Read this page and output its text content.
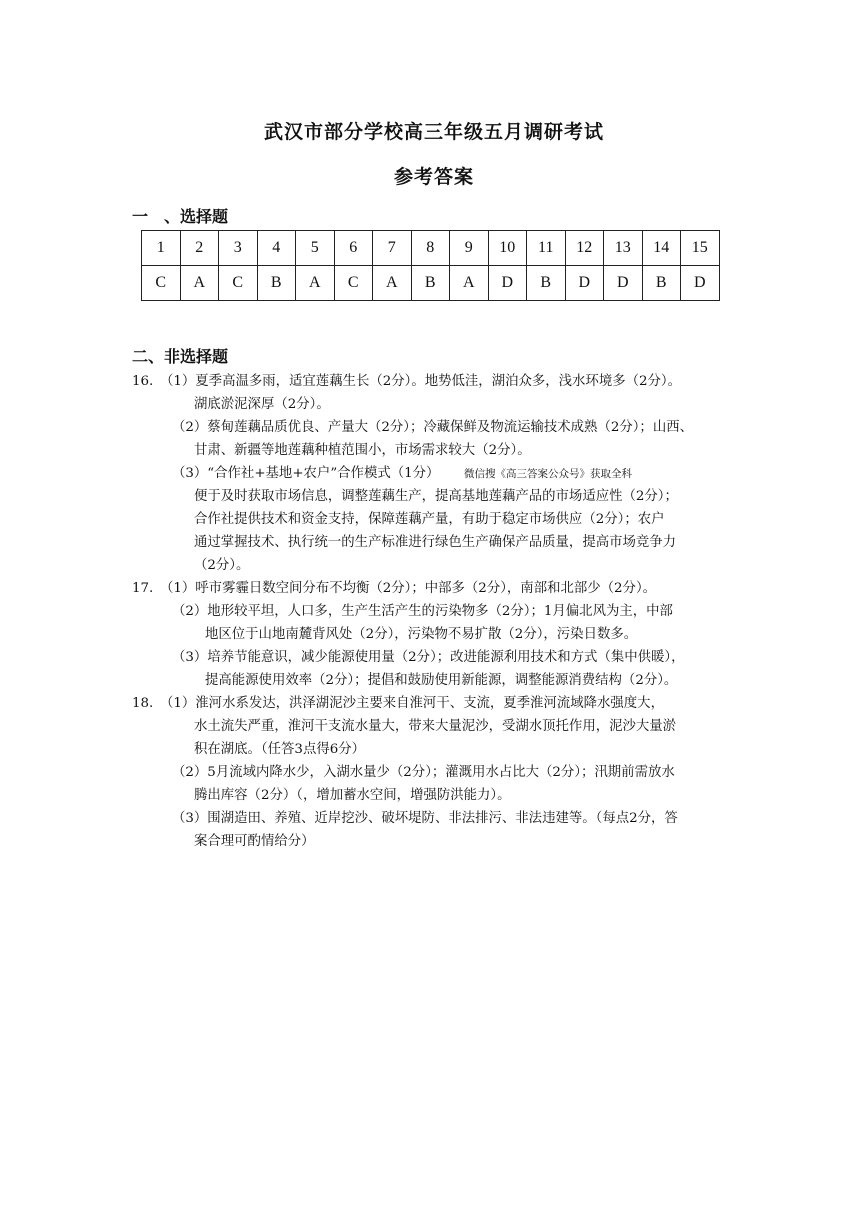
武汉市部分学校高三年级五月调研考试
参考答案
一　、选择题
1	2	3	4	5	6	7	8	9	10	11	12	13	14	15
C	A	C	B	A	C	A	B	A	D	B	D	D	B	D
二、非选择题
16.　（1）夏季高温多雨，适宜莲藕生长（2分）。地势低洼，湖泊众多，浅水环境多（2分）。
湖底淤泥深厚（2分）。
（2）蔡甸莲藕品质优良、产量大（2分）；冷藏保鲜及物流运输技术成熟（2分）；山西、
甘肃、新疆等地莲藕种植范围小，市场需求较大（2分）。
（3）“合作社+基地+农户”合作模式（1分） 微信搜《高三答案公众号》获取全科
便于及时获取市场信息，调整莲藕生产，提高基地莲藕产品的市场适应性（2分）；
合作社提供技术和资金支持，保障莲藕产量，有助于稳定市场供应（2分）；农户
通过掌握技术、执行统一的生产标准进行绿色生产确保产品质量，提高市场竞争力
（2分）。
17.　（1）呼市雾霾日数空间分布不均衡（2分）；中部多（2分），南部和北部少（2分）。
（2）地形较平坦，人口多，生产生活产生的污染物多（2分）；1月偏北风为主，中部
地区位于山地南麓背风处（2分），污染物不易扩散（2分），污染日数多。
（3）培养节能意识，减少能源使用量（2分）；改进能源利用技术和方式（集中供暖），
提高能源使用效率（2分）；提倡和鼓励使用新能源，调整能源消费结构（2分）。
18.　（1）淮河水系发达，洪泽湖泥沙主要来自淮河干、支流，夏季淮河流域降水强度大，
水土流失严重，淮河干支流水量大，带来大量泥沙，受湖水顶托作用，泥沙大量淤
积在湖底。（任答3点得6分）
（2）5月流域内降水少，入湖水量少（2分）；灌溉用水占比大（2分）；汛期前需放水
腾出库容（2分）（，增加蓄水空间，增强防洪能力）。
（3）围湖造田、养殖、近岸挖沙、破坏堤防、非法排污、非法违建等。（每点2分，答
案合理可酌情给分）
